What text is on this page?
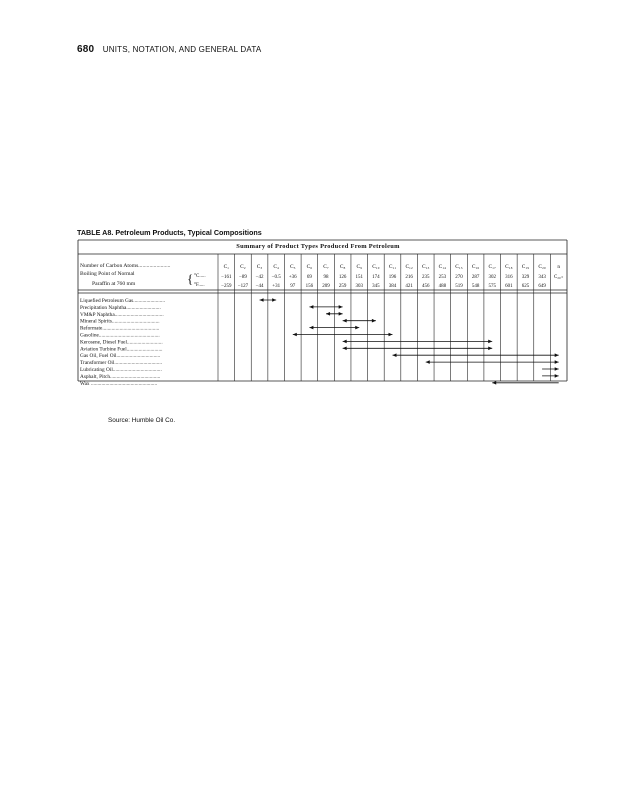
680 UNITS, NOTATION, AND GENERAL DATA
TABLE A8. Petroleum Products, Typical Compositions
Summary of Product Types Produced From Petroleum
Number of Carbon Atoms.......................
Boiling Point of Normal
Paraffin at 760 mm	{ °C.....
°F.....
C₁
−161
−259
C₂
−89
−127
C₃
−42
−44
C₄
−0.5
+31
C₅
+36
97
C₆
69
156
C₇
98
209
C₈
126
259
C₉
151
303
C₁₀
174
345
C₁₁
196
384
C₁₂
216
421
C₁₃
235
456
C₁₄
253
488
C₁₅
270
519
C₁₆
287
548
C₁₇
302
575
C₁₈
316
601
C₁₉
329
625
C₂₀
343
649
n
C₂₀₊
Liquefied Petroleum Gas........................
Precipitation Naphtha..........................
VM&P Naphtha.....................................
Mineral Spirits....................................
Reformate...........................................
Gasoline..............................................
Kerosene, Diesel Fuel...........................
Aviation Turbine Fuel...........................
Gas Oil, Fuel Oil.................................
Transformer Oil....................................
Lubricating Oil.....................................
Asphalt, Pitch......................................
Wax ..................................................
Source: Humble Oil Co.
